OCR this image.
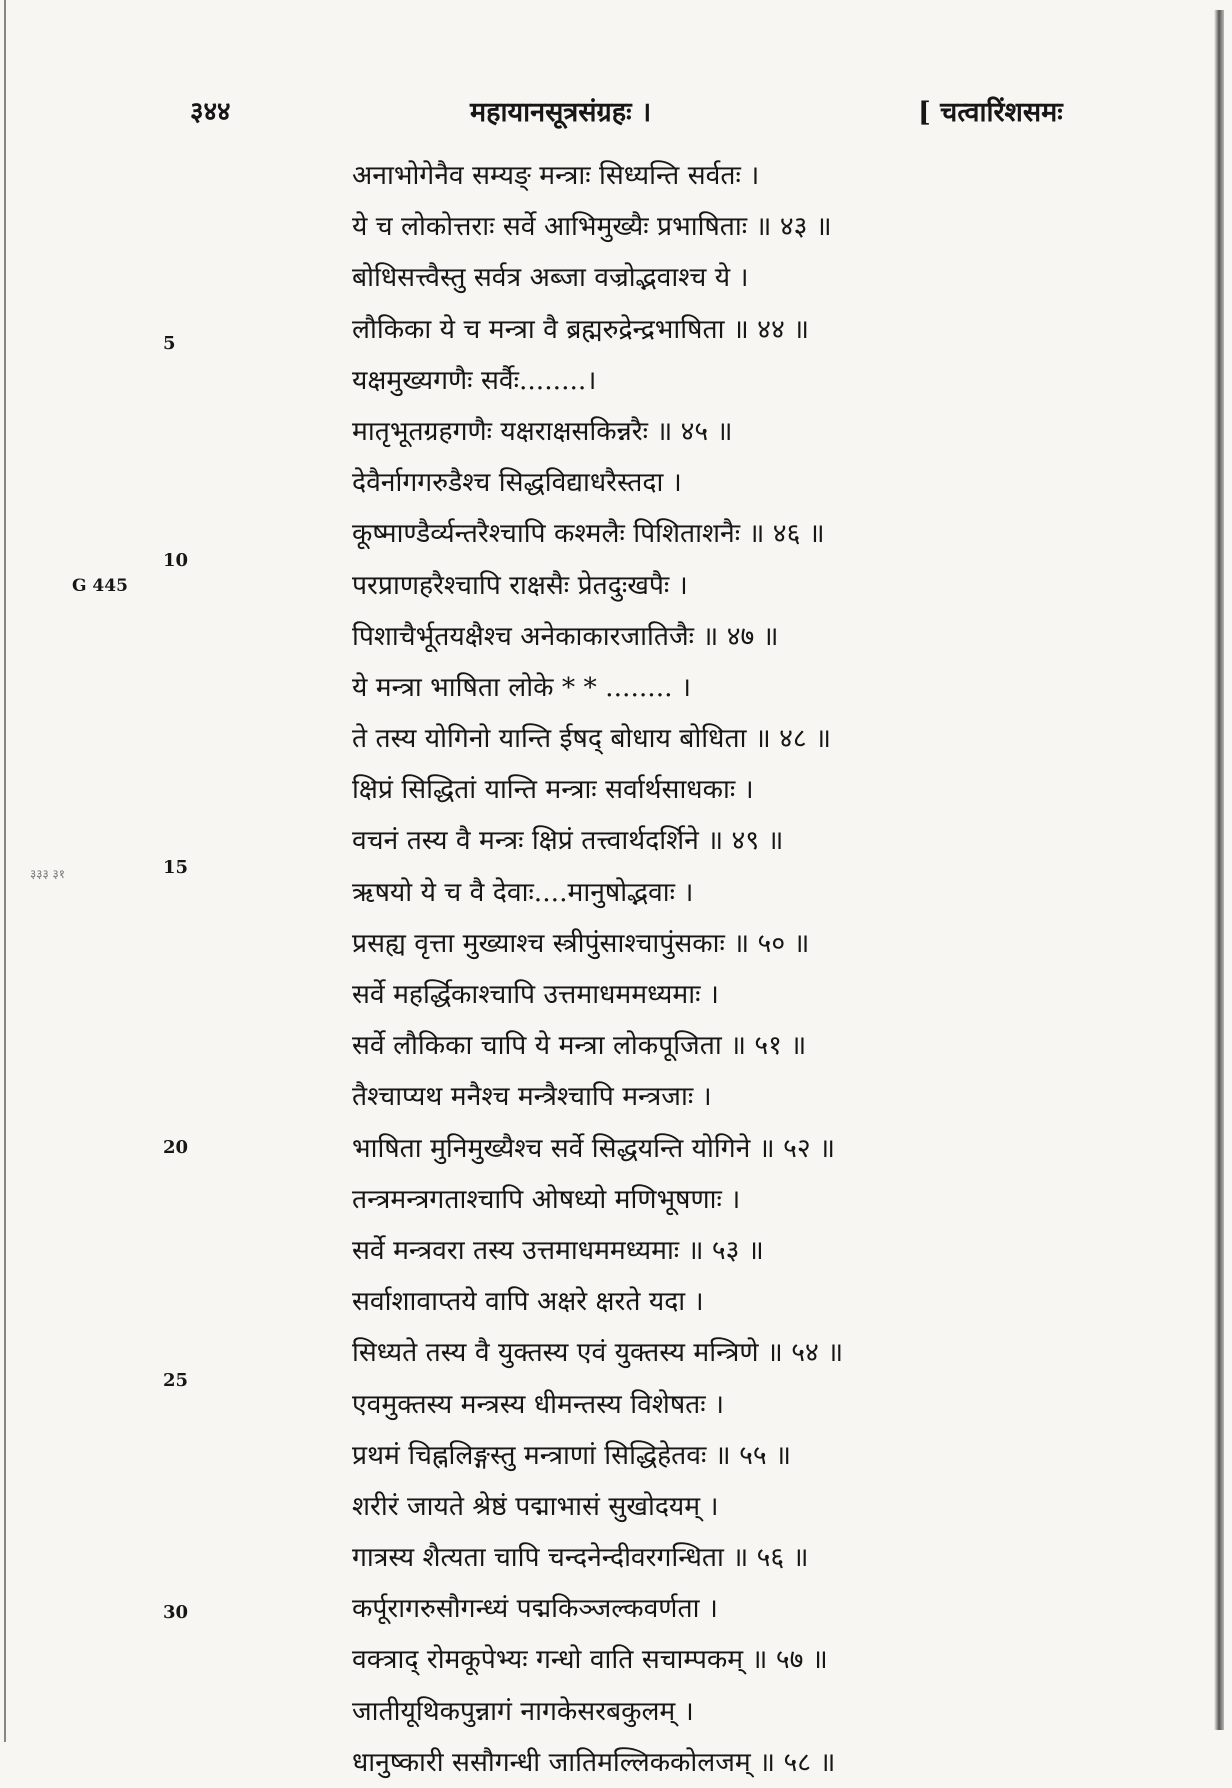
३४४	महायानसूत्रसंग्रहः ।	[ चत्वारिंशसमः
G 445
३३३ ३१
5
10
15
20
25
30
अनाभोगेनैव सम्यङ् मन्त्राः सिध्यन्ति सर्वतः ।
ये च लोकोत्तराः सर्वे आभिमुख्यैः प्रभाषिताः ॥ ४३ ॥
बोधिसत्त्वैस्तु सर्वत्र अब्जा वज्रोद्भवाश्च ये ।
लौकिका ये च मन्त्रा वै ब्रह्मरुद्रेन्द्रभाषिता ॥ ४४ ॥
यक्षमुख्यगणैः सर्वैः........।
मातृभूतग्रहगणैः यक्षराक्षसकिन्नरैः ॥ ४५ ॥
देवैर्नागगरुडैश्च सिद्धविद्याधरैस्तदा ।
कूष्माण्डैर्व्यन्तरैश्चापि कश्मलैः पिशिताशनैः ॥ ४६ ॥
परप्राणहरैश्चापि राक्षसैः प्रेतदुःखपैः ।
पिशाचैर्भूतयक्षैश्च अनेकाकारजातिजैः ॥ ४७ ॥
ये मन्त्रा भाषिता लोके * * ........ ।
ते तस्य योगिनो यान्ति ईषद् बोधाय बोधिता ॥ ४८ ॥
क्षिप्रं सिद्धितां यान्ति मन्त्राः सर्वार्थसाधकाः ।
वचनं तस्य वै मन्त्रः क्षिप्रं तत्त्वार्थदर्शिने ॥ ४९ ॥
ऋषयो ये च वै देवाः....मानुषोद्भवाः ।
प्रसह्य वृत्ता मुख्याश्च स्त्रीपुंसाश्चापुंसकाः ॥ ५० ॥
सर्वे महर्द्धिकाश्चापि उत्तमाधममध्यमाः ।
सर्वे लौकिका चापि ये मन्त्रा लोकपूजिता ॥ ५१ ॥
तैश्चाप्यथ मनैश्च मन्त्रैश्चापि मन्त्रजाः ।
भाषिता मुनिमुख्यैश्च सर्वे सिद्धयन्ति योगिने ॥ ५२ ॥
तन्त्रमन्त्रगताश्चापि ओषध्यो मणिभूषणाः ।
सर्वे मन्त्रवरा तस्य उत्तमाधममध्यमाः ॥ ५३ ॥
सर्वाशावाप्तये वापि अक्षरे क्षरते यदा ।
सिध्यते तस्य वै युक्तस्य एवं युक्तस्य मन्त्रिणे ॥ ५४ ॥
एवमुक्तस्य मन्त्रस्य धीमन्तस्य विशेषतः ।
प्रथमं चिह्नलिङ्गस्तु मन्त्राणां सिद्धिहेतवः ॥ ५५ ॥
शरीरं जायते श्रेष्ठं पद्माभासं सुखोदयम् ।
गात्रस्य शैत्यता चापि चन्दनेन्दीवरगन्धिता ॥ ५६ ॥
कर्पूरागरुसौगन्ध्यं पद्मकिञ्जल्कवर्णता ।
वक्त्राद् रोमकूपेभ्यः गन्धो वाति सचाम्पकम् ॥ ५७ ॥
जातीयूथिकपुन्नागं नागकेसरबकुलम् ।
धानुष्कारी ससौगन्धी जातिमल्लिककोलजम् ॥ ५८ ॥
